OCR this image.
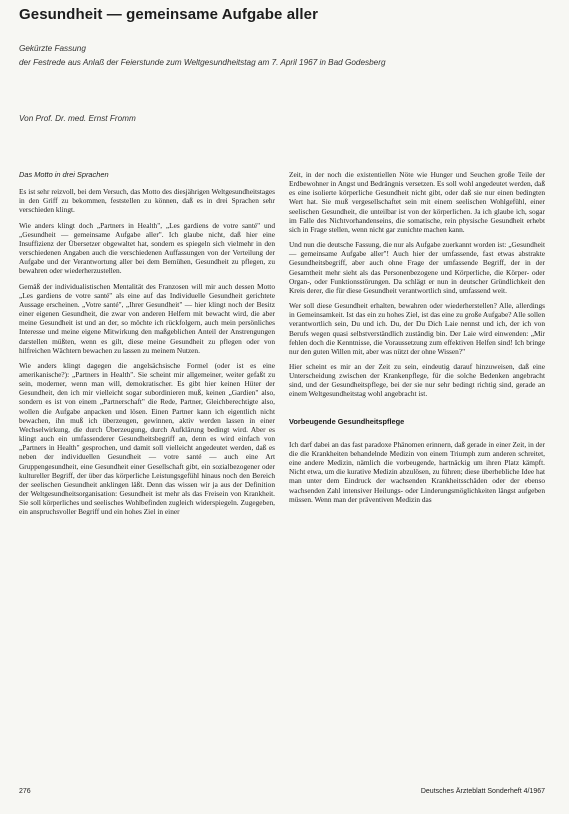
Gesundheit — gemeinsame Aufgabe aller
Gekürzte Fassung
der Festrede aus Anlaß der Feierstunde zum Weltgesundheitstag am 7. April 1967 in Bad Godesberg
Von Prof. Dr. med. Ernst Fromm
Das Motto in drei Sprachen

Es ist sehr reizvoll, bei dem Versuch, das Motto des diesjährigen Weltgesundheitstages in den Griff zu bekommen, feststellen zu können, daß es in drei Sprachen sehr verschieden klingt.

Wie anders klingt doch „Partners in Health", „Les gardiens de votre santé" und „Gesundheit — gemeinsame Aufgabe aller". Ich glaube nicht, daß hier eine Insuffizienz der Übersetzer obgewaltet hat, sondern es spiegeln sich vielmehr in den verschiedenen Angaben auch die verschiedenen Auffassungen von der Verteilung der Aufgabe und der Verantwortung aller bei dem Bemühen, Gesundheit zu pflegen, zu bewahren oder wiederherzustellen.

Gemäß der individualistischen Mentalität des Franzosen will mir auch dessen Motto „Les gardiens de votre santé" als eine auf das Individuelle Gesundheit gerichtete Aussage erscheinen. „Votre santé", „Ihrer Gesundheit" — hier klingt noch der Besitz einer eigenen Gesundheit, die zwar von anderen Helfern mit bewacht wird, die aber meine Gesundheit ist und an der, so möchte ich rückfolgern, auch mein persönliches Interesse und meine eigene Mitwirkung den maßgeblichen Anteil der Anstrengungen darstellen müßten, wenn es gilt, diese meine Gesundheit zu pflegen oder von hilfreichen Wächtern bewachen zu lassen zu meinem Nutzen.

Wie anders klingt dagegen die angelsächsische Formel (oder ist es eine amerikanische?): „Partners in Health". Sie scheint mir allgemeiner, weiter gefaßt zu sein, moderner, wenn man will, demokratischer. Es gibt hier keinen Hüter der Gesundheit, den ich mir vielleicht sogar subordinieren muß, keinen „Gardien" also, sondern es ist von einem „Partnerschaft" die Rede, Partner, Gleichberechtigte also, wollen die Aufgabe anpacken und lösen. Einen Partner kann ich eigentlich nicht bewachen, ihn muß ich überzeugen, gewinnen, aktiv werden lassen in einer Wechselwirkung, die durch Überzeugung, durch Aufklärung bedingt wird. Aber es klingt auch ein umfassenderer Gesundheitsbegriff an, denn es wird einfach von „Partners in Health" gesprochen, und damit soll vielleicht angedeutet werden, daß es neben der individuellen Gesundheit — votre santé — auch eine Art Gruppengesundheit, eine Gesundheit einer Gesellschaft gibt, ein sozialbezogener oder kultureller Begriff, der über das körperliche Leistungsgefühl hinaus noch den Bereich der seelischen Gesundheit anklingen läßt. Denn das wissen wir ja aus der Definition der Weltgesundheitsorganisation: Gesundheit ist mehr als das Freisein von Krankheit. Sie soll körperliches und seelisches Wohlbefinden zugleich widerspiegeln. Zugegeben, ein anspruchsvoller Begriff und ein hohes Ziel in einer

Zeit, in der noch die existentiellen Nöte wie Hunger und Seuchen große Teile der Erdbewohner in Angst und Bedrängnis versetzen. Es soll wohl angedeutet werden, daß es eine isolierte körperliche Gesundheit nicht gibt, oder daß sie nur einen bedingten Wert hat. Sie muß vergesellschaftet sein mit einem seelischen Wohlgefühl, einer seelischen Gesundheit, die unteilbar ist von der körperlichen. Ja ich glaube ich, sogar im Falle des Nichtvorhandenseins, die somatische, rein physische Gesundheit erhebt sich in Frage stellen, wenn nicht gar zunichte machen kann.

Und nun die deutsche Fassung, die nur als Aufgabe zuerkannt worden ist: „Gesundheit — gemeinsame Aufgabe aller"! Auch hier der umfassende, fast etwas abstrakte Gesundheitsbegriff, aber auch ohne Frage der umfassende Begriff, der in der Gesamtheit mehr sieht als das Personenbezogene und Körperliche, die Körper- oder Organ-, oder Funktionsstörungen. Da schlägt er nun in deutscher Gründlichkeit den Kreis derer, die für diese Gesundheit verantwortlich sind, umfassend weit.

Wer soll diese Gesundheit erhalten, bewahren oder wiederherstellen? Alle, allerdings in Gemeinsamkeit. Ist das ein zu hohes Ziel, ist das eine zu große Aufgabe? Alle sollen verantwortlich sein, Du und ich. Du, der Du Dich Laie nennst und ich, der ich von Berufs wegen quasi selbstverständlich zuständig bin. Der Laie wird einwenden: „Mir fehlen doch die Kenntnisse, die Voraussetzung zum effektiven Helfen sind! Ich bringe nur den guten Willen mit, aber was nützt der ohne Wissen?"

Hier scheint es mir an der Zeit zu sein, eindeutig darauf hinzuweisen, daß eine Unterscheidung zwischen der Krankenpflege, für die solche Bedenken angebracht sind, und der Gesundheitspflege, bei der sie nur sehr bedingt richtig sind, gerade an einem Weltgesundheitstag wohl angebracht ist.

Vorbeugende Gesundheitspflege

Ich darf dabei an das fast paradoxe Phänomen erinnern, daß gerade in einer Zeit, in der die die Krankheiten behandelnde Medizin von einem Triumph zum anderen schreitet, eine andere Medizin, nämlich die vorbeugende, hartnäckig um ihren Platz kämpft. Nicht etwa, um die kurative Medizin abzulösen, zu führen; diese überhebliche Idee hat man unter dem Eindruck der wachsenden Krankheitsschäden oder der ebenso wachsenden Zahl intensiver Heilungs- oder Linderungsmöglichkeiten längst aufgeben müssen. Wenn man der präventiven Medizin das

276	Deutsches Ärzteblatt Sonderheft 4/1967
